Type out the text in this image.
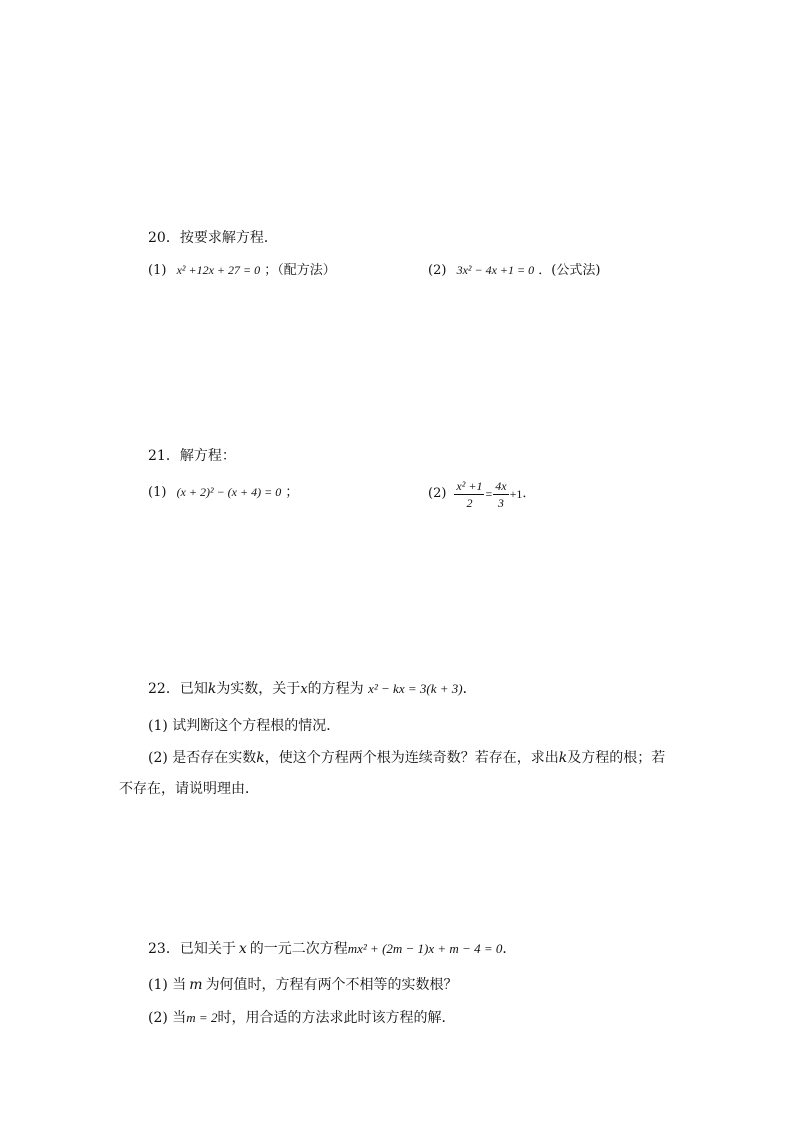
20．按要求解方程．
(1) x² +12x + 27 = 0 ；（配方法）	(2) 3x² − 4x +1 = 0 ．(公式法)
21．解方程：
(1) (x + 2)² − (x + 4) = 0 ；	$(2) \frac{\text{x² +1}}{2} = \frac{4x}{3} +1$ ．
22．已知k为实数，关于x的方程为 x² − kx = 3(k + 3)．
(1) 试判断这个方程根的情况．
(2) 是否存在实数k，使这个方程两个根为连续奇数？若存在，求出k及方程的根；若
不存在，请说明理由．
23．已知关于 x 的一元二次方程mx² + (2m − 1)x + m − 4 = 0．
(1) 当 m 为何值时，方程有两个不相等的实数根？
(2) 当m = 2时，用合适的方法求此时该方程的解．
